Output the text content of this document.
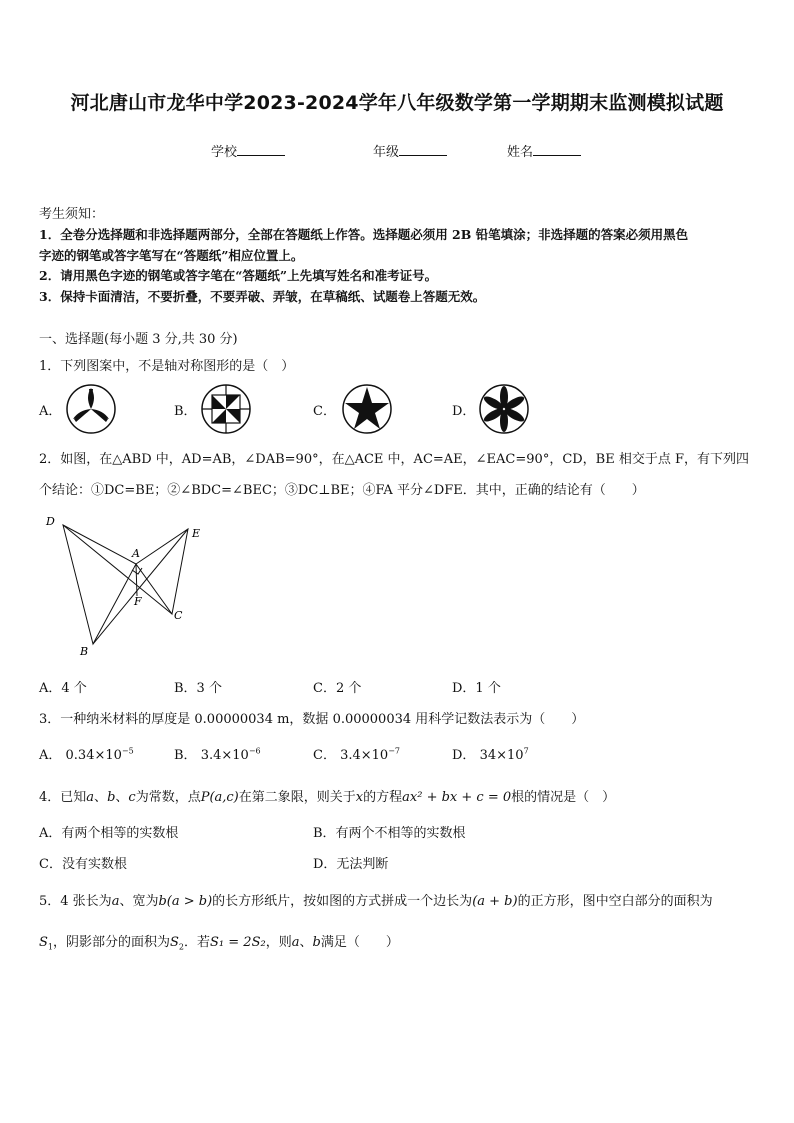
河北唐山市龙华中学2023-2024学年八年级数学第一学期期末监测模拟试题
学校	年级	姓名
考生须知：
1．全卷分选择题和非选择题两部分，全部在答题纸上作答。选择题必须用 2B 铅笔填涂；非选择题的答案必须用黑色
字迹的钢笔或答字笔写在“答题纸”相应位置上。
2．请用黑色字迹的钢笔或答字笔在“答题纸”上先填写姓名和准考证号。
3．保持卡面清洁，不要折叠，不要弄破、弄皱，在草稿纸、试题卷上答题无效。
一、选择题(每小题 3 分,共 30 分)
1．下列图案中，不是轴对称图形的是（　）
A．	B．	C．	D．
2．如图，在△ABD 中，AD=AB，∠DAB=90°，在△ACE 中，AC=AE，∠EAC=90°，CD，BE 相交于点 F，有下列四
个结论：①DC=BE；②∠BDC=∠BEC；③DC⊥BE；④FA 平分∠DFE．其中，正确的结论有（　　）
D
A
E
F
C
B
A．4 个	B．3 个	C．2 个	D．1 个
3．一种纳米材料的厚度是 0.00000034 m，数据 0.00000034 用科学记数法表示为（　　）
A． $0.34\times 10^{-5}$	B． $3.4\times 10^{-6}$	C． $3.4\times 10^{-7}$	D． $34\times 10^7$
4．已知a、b、c为常数，点P(a,c)在第二象限，则关于x的方程ax² + bx + c = 0根的情况是（　）
A．有两个相等的实数根	B．有两个不相等的实数根
C．没有实数根	D．无法判断
5．4 张长为a、宽为b(a > b)的长方形纸片，按如图的方式拼成一个边长为(a + b)的正方形，图中空白部分的面积为
$S_1$，阴影部分的面积为$S_2$．若S₁ = 2S₂，则a、b满足（　　）
